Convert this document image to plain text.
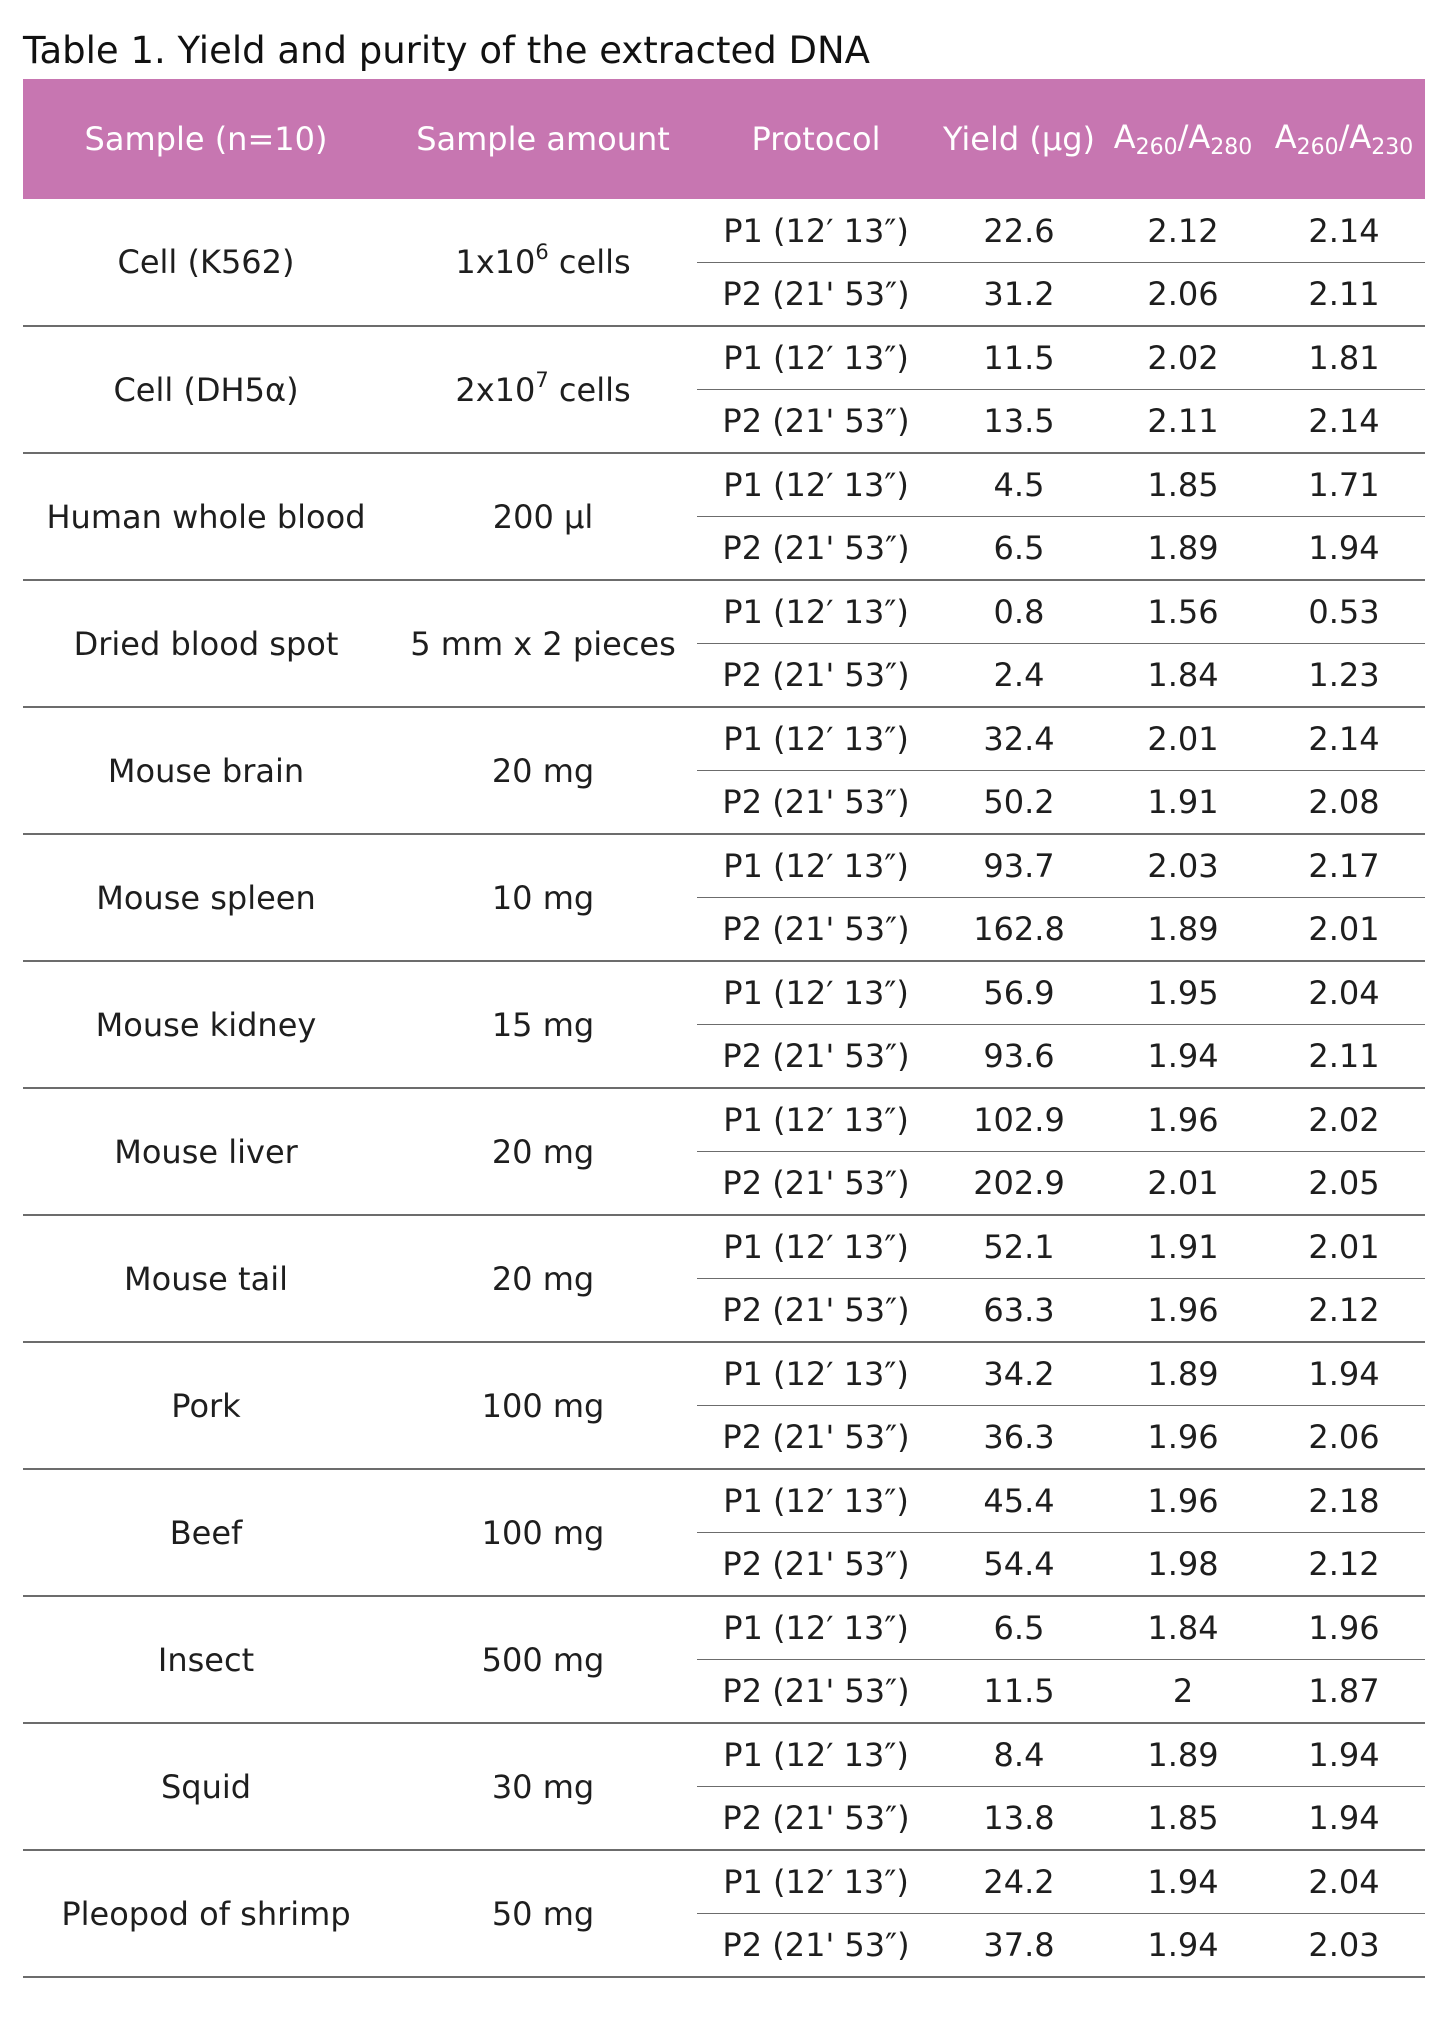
Table 1. Yield and purity of the extracted DNA
Sample (n=10)	Sample amount	Protocol	Yield (μg)	$A_{260}/A_{280}$	$A_{260}/A_{230}$
Cell (K562)	$1x10^6$ cells	P1 (12′ 13″)	22.6	2.12	2.14
		P2 (21' 53″)	31.2	2.06	2.11
Cell (DH5α)	$2x10^7$ cells	P1 (12′ 13″)	11.5	2.02	1.81
		P2 (21' 53″)	13.5	2.11	2.14
Human whole blood	200 μl	P1 (12′ 13″)	4.5	1.85	1.71
		P2 (21' 53″)	6.5	1.89	1.94
Dried blood spot	5 mm x 2 pieces	P1 (12′ 13″)	0.8	1.56	0.53
		P2 (21' 53″)	2.4	1.84	1.23
Mouse brain	20 mg	P1 (12′ 13″)	32.4	2.01	2.14
		P2 (21' 53″)	50.2	1.91	2.08
Mouse spleen	10 mg	P1 (12′ 13″)	93.7	2.03	2.17
		P2 (21' 53″)	162.8	1.89	2.01
Mouse kidney	15 mg	P1 (12′ 13″)	56.9	1.95	2.04
		P2 (21' 53″)	93.6	1.94	2.11
Mouse liver	20 mg	P1 (12′ 13″)	102.9	1.96	2.02
		P2 (21' 53″)	202.9	2.01	2.05
Mouse tail	20 mg	P1 (12′ 13″)	52.1	1.91	2.01
		P2 (21' 53″)	63.3	1.96	2.12
Pork	100 mg	P1 (12′ 13″)	34.2	1.89	1.94
		P2 (21' 53″)	36.3	1.96	2.06
Beef	100 mg	P1 (12′ 13″)	45.4	1.96	2.18
		P2 (21' 53″)	54.4	1.98	2.12
Insect	500 mg	P1 (12′ 13″)	6.5	1.84	1.96
		P2 (21' 53″)	11.5	2	1.87
Squid	30 mg	P1 (12′ 13″)	8.4	1.89	1.94
		P2 (21' 53″)	13.8	1.85	1.94
Pleopod of shrimp	50 mg	P1 (12′ 13″)	24.2	1.94	2.04
		P2 (21' 53″)	37.8	1.94	2.03
